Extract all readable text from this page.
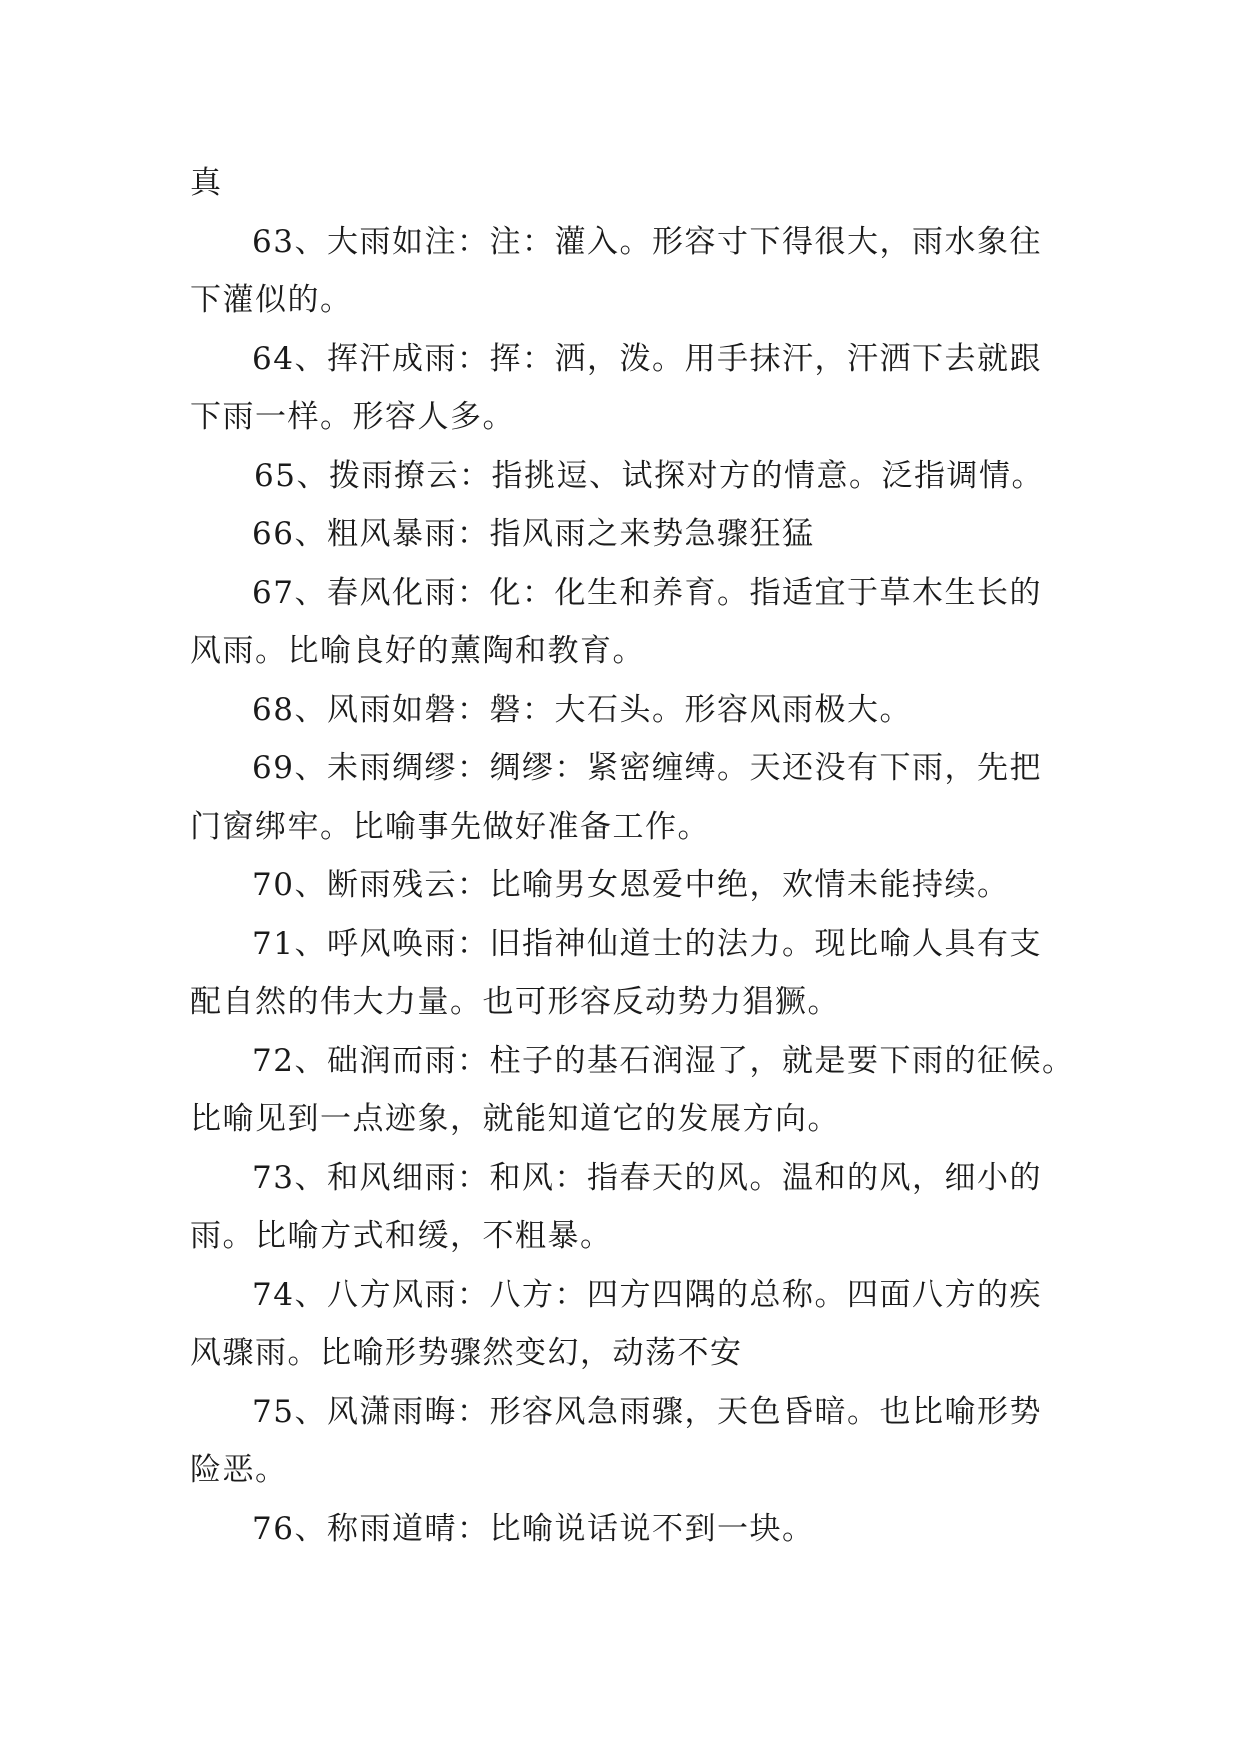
真
63、大雨如注：注：灌入。形容寸下得很大，雨水象往
下灌似的。
64、挥汗成雨：挥：洒，泼。用手抹汗，汗洒下去就跟
下雨一样。形容人多。
65、拨雨撩云：指挑逗、试探对方的情意。泛指调情。
66、粗风暴雨：指风雨之来势急骤狂猛
67、春风化雨：化：化生和养育。指适宜于草木生长的
风雨。比喻良好的薰陶和教育。
68、风雨如磐：磐：大石头。形容风雨极大。
69、未雨绸缪：绸缪：紧密缠缚。天还没有下雨，先把
门窗绑牢。比喻事先做好准备工作。
70、断雨残云：比喻男女恩爱中绝，欢情未能持续。
71、呼风唤雨：旧指神仙道士的法力。现比喻人具有支
配自然的伟大力量。也可形容反动势力猖獗。
72、础润而雨：柱子的基石润湿了，就是要下雨的征候。
比喻见到一点迹象，就能知道它的发展方向。
73、和风细雨：和风：指春天的风。温和的风，细小的
雨。比喻方式和缓，不粗暴。
74、八方风雨：八方：四方四隅的总称。四面八方的疾
风骤雨。比喻形势骤然变幻，动荡不安
75、风潇雨晦：形容风急雨骤，天色昏暗。也比喻形势
险恶。
76、称雨道晴：比喻说话说不到一块。
